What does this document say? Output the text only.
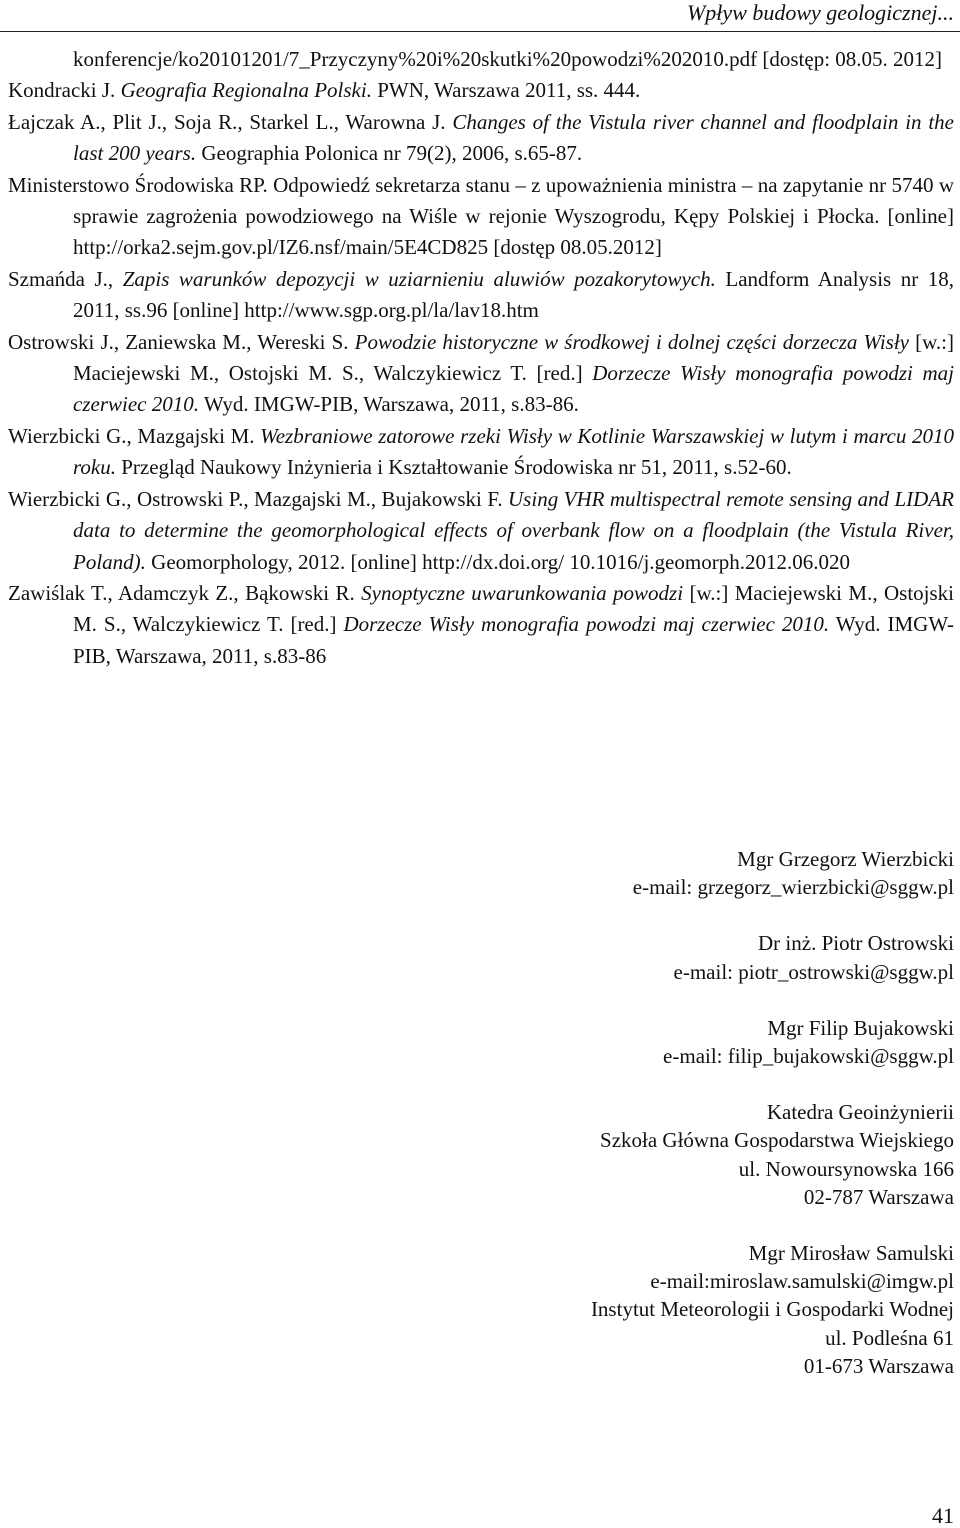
Wpływ budowy geologicznej...
konferencje/ko20101201/7_Przyczyny%20i%20skutki%20powodzi%202010.pdf [dostęp: 08.05. 2012]
Kondracki J. Geografia Regionalna Polski. PWN, Warszawa 2011, ss. 444.
Łajczak A., Plit J., Soja R., Starkel L., Warowna J. Changes of the Vistula river channel and floodplain in the last 200 years. Geographia Polonica nr 79(2), 2006, s.65-87.
Ministerstowo Środowiska RP. Odpowiedź sekretarza stanu – z upoważnienia ministra – na zapytanie nr 5740 w sprawie zagrożenia powodziowego na Wiśle w rejonie Wyszogrodu, Kępy Polskiej i Płocka. [online] http://orka2.sejm.gov.pl/IZ6.nsf/main/5E4CD825 [dostęp 08.05.2012]
Szmańda J., Zapis warunków depozycji w uziarnieniu aluwiów pozakorytowych. Landform Analysis nr 18, 2011, ss.96 [online] http://www.sgp.org.pl/la/lav18.htm
Ostrowski J., Zaniewska M., Wereski S. Powodzie historyczne w środkowej i dolnej części dorzecza Wisły [w.:] Maciejewski M., Ostojski M. S., Walczykiewicz T. [red.] Dorzecze Wisły monografia powodzi maj czerwiec 2010. Wyd. IMGW-PIB, Warszawa, 2011, s.83-86.
Wierzbicki G., Mazgajski M. Wezbraniowe zatorowe rzeki Wisły w Kotlinie Warszawskiej w lutym i marcu 2010 roku. Przegląd Naukowy Inżynieria i Kształtowanie Środowiska nr 51, 2011, s.52-60.
Wierzbicki G., Ostrowski P., Mazgajski M., Bujakowski F. Using VHR multispectral remote sensing and LIDAR data to determine the geomorphological effects of overbank flow on a floodplain (the Vistula River, Poland). Geomorphology, 2012. [online] http://dx.doi.org/ 10.1016/j.geomorph.2012.06.020
Zawiślak T., Adamczyk Z., Bąkowski R. Synoptyczne uwarunkowania powodzi [w.:] Maciejewski M., Ostojski M. S., Walczykiewicz T. [red.] Dorzecze Wisły monografia powodzi maj czerwiec 2010. Wyd. IMGW-PIB, Warszawa, 2011, s.83-86
Mgr Grzegorz Wierzbicki
e-mail: grzegorz_wierzbicki@sggw.pl
Dr inż. Piotr Ostrowski
e-mail: piotr_ostrowski@sggw.pl
Mgr Filip Bujakowski
e-mail: filip_bujakowski@sggw.pl
Katedra Geoinżynierii
Szkoła Główna Gospodarstwa Wiejskiego
ul. Nowoursynowska 166
02-787 Warszawa
Mgr Mirosław Samulski
e-mail:miroslaw.samulski@imgw.pl
Instytut Meteorologii i Gospodarki Wodnej
ul. Podleśna 61
01-673 Warszawa
41
